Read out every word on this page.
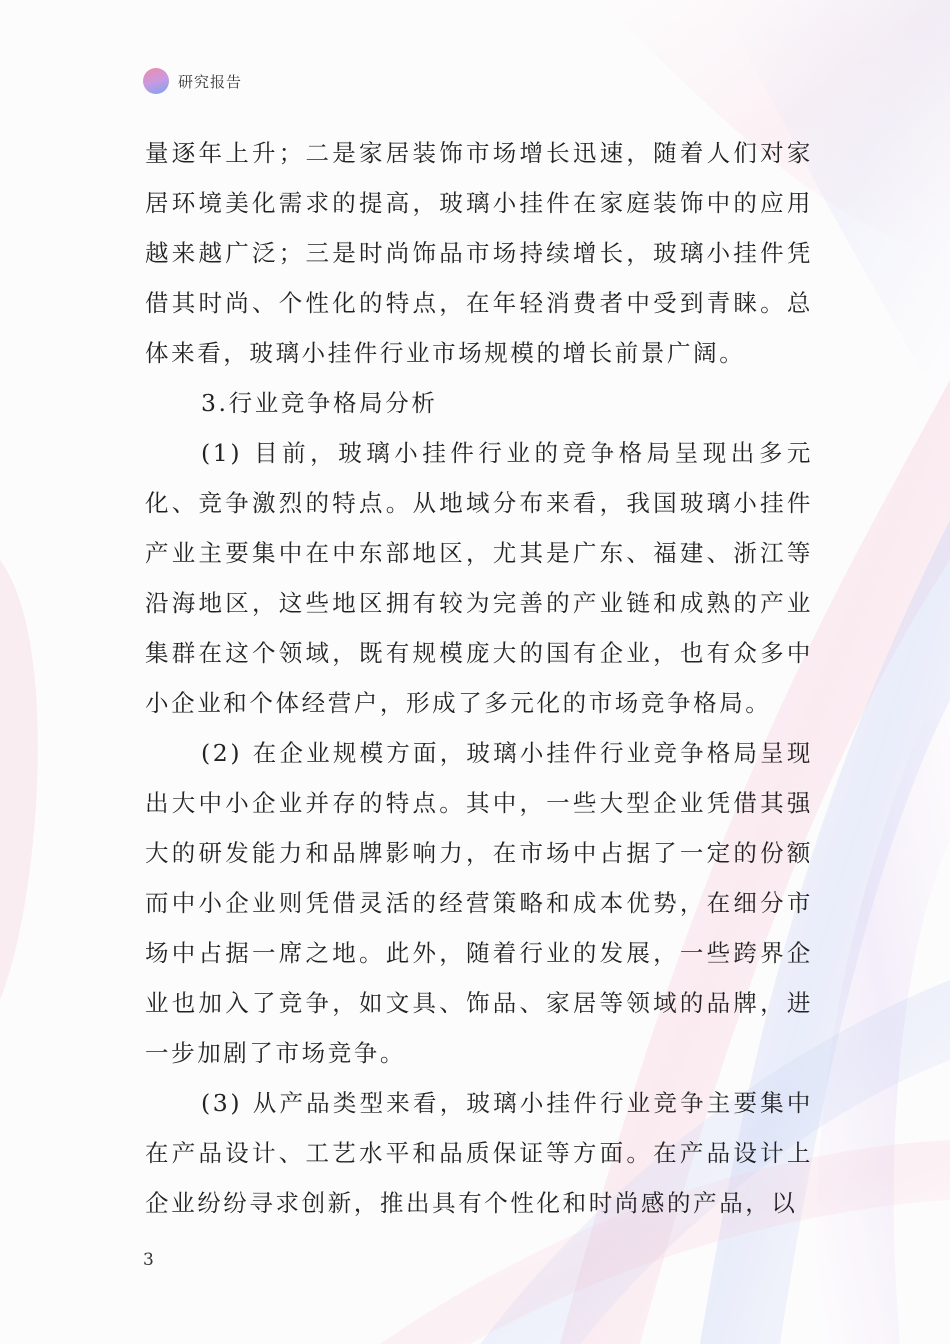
研究报告

量逐年上升；二是家居装饰市场增长迅速，随着人们对家居环境美化需求的提高，玻璃小挂件在家庭装饰中的应用越来越广泛；三是时尚饰品市场持续增长，玻璃小挂件凭借其时尚、个性化的特点，在年轻消费者中受到青睐。总体来看，玻璃小挂件行业市场规模的增长前景广阔。

3.行业竞争格局分析

(1) 目前，玻璃小挂件行业的竞争格局呈现出多元化、竞争激烈的特点。从地域分布来看，我国玻璃小挂件产业主要集中在中东部地区，尤其是广东、福建、浙江等沿海地区，这些地区拥有较为完善的产业链和成熟的产业集群在这个领域，既有规模庞大的国有企业，也有众多中小企业和个体经营户，形成了多元化的市场竞争格局。

(2) 在企业规模方面，玻璃小挂件行业竞争格局呈现出大中小企业并存的特点。其中，一些大型企业凭借其强大的研发能力和品牌影响力，在市场中占据了一定的份额而中小企业则凭借灵活的经营策略和成本优势，在细分市场中占据一席之地。此外，随着行业的发展，一些跨界企业也加入了竞争，如文具、饰品、家居等领域的品牌，进一步加剧了市场竞争。

(3) 从产品类型来看，玻璃小挂件行业竞争主要集中在产品设计、工艺水平和品质保证等方面。在产品设计上企业纷纷寻求创新，推出具有个性化和时尚感的产品，以

3
